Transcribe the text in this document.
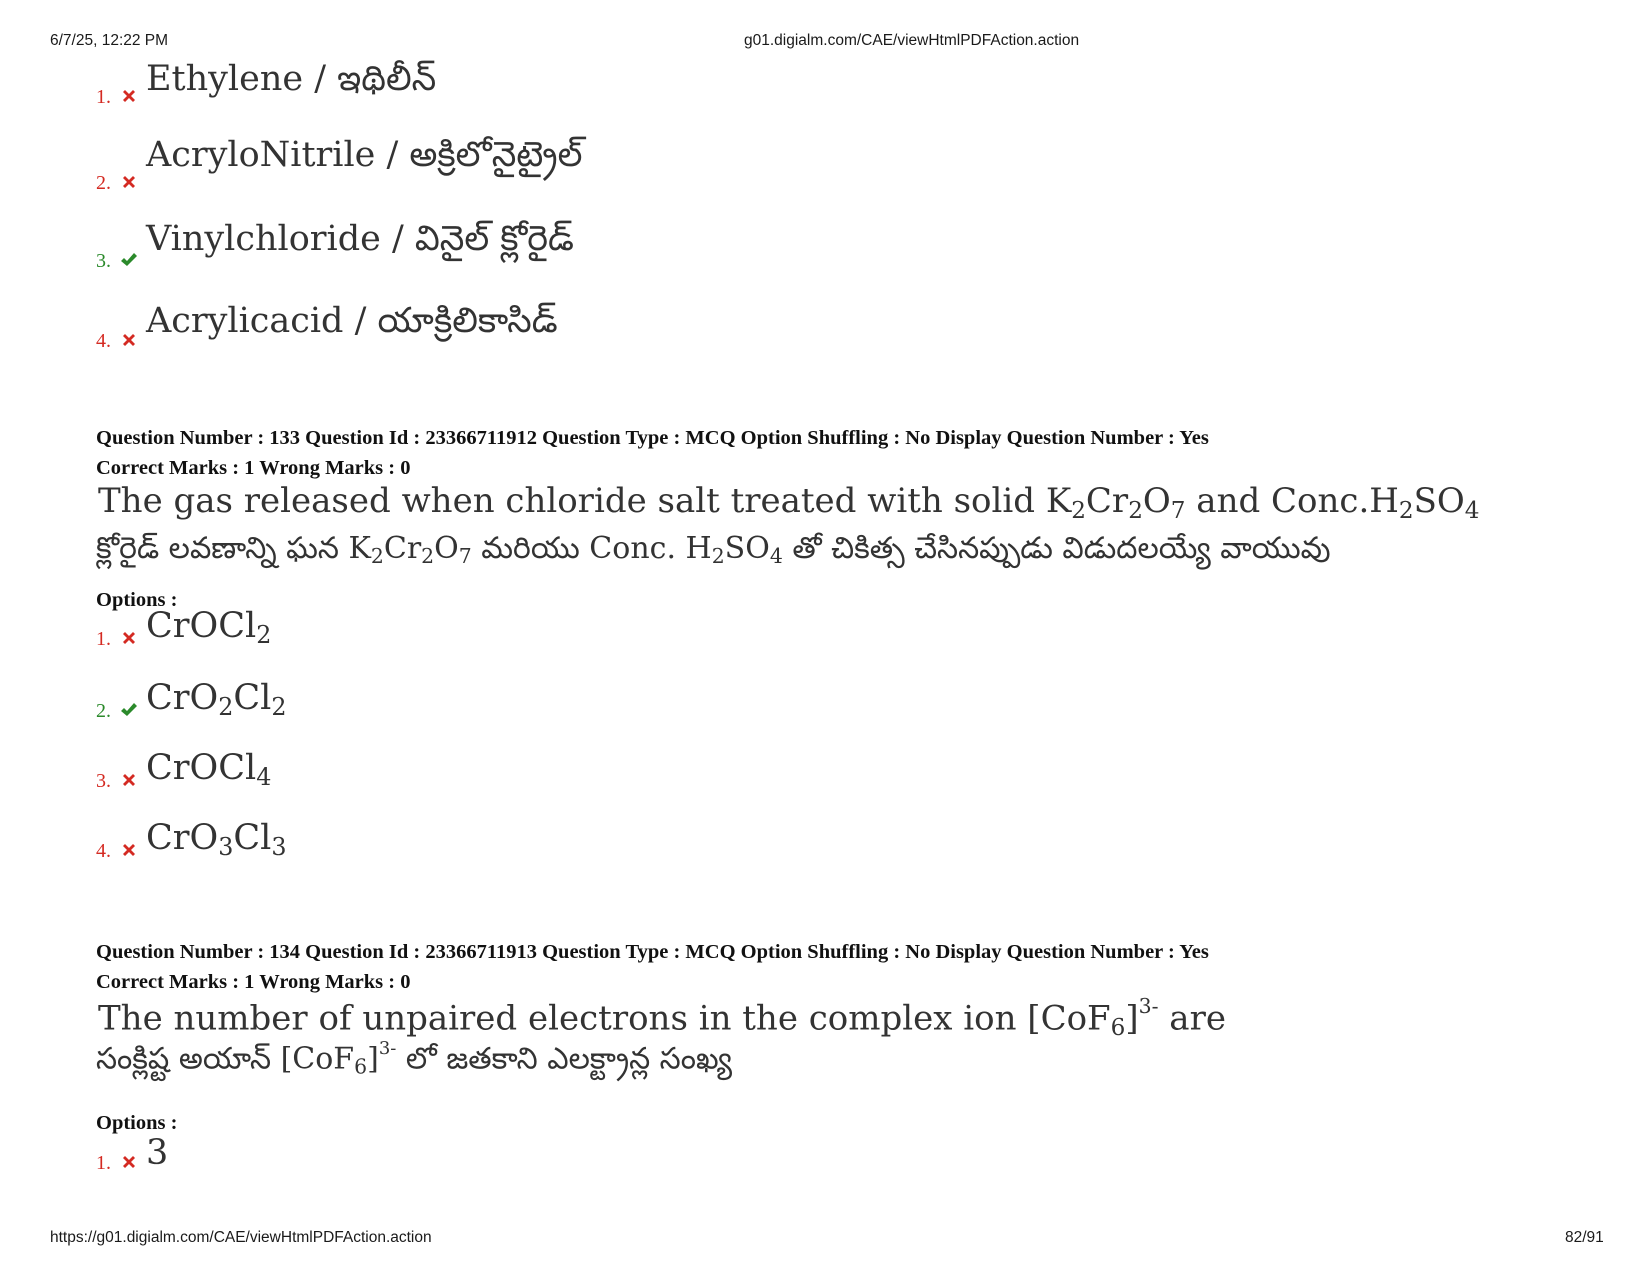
6/7/25, 12:22 PM	g01.digialm.com/CAE/viewHtmlPDFAction.action
1. Ethylene / ఇథిలీన్
2.
AcryloNitrile / అక్రిలోనైట్రైల్
3.
Vinylchloride / వినైల్ క్లోరైడ్
4. Acrylicacid / యాక్రిలికాసిడ్
Question Number : 133 Question Id : 23366711912 Question Type : MCQ Option Shuffling : No Display Question Number : Yes
Correct Marks : 1 Wrong Marks : 0
The gas released when chloride salt treated with solid $K_2Cr_2O_7$ and $Conc.H_2SO_4$
క్లోరైడ్ లవణాన్ని ఘన $K_2Cr_2O_7$ మరియు Conc. $H_2SO_4$ తో చికిత్స చేసినప్పుడు విడుదలయ్యే వాయువు
Options :
1. CrOCl$_2$
2. $CrO_2Cl_2$
3. CrOCl$_4$
4. $CrO_3Cl_3$
Question Number : 134 Question Id : 23366711913 Question Type : MCQ Option Shuffling : No Display Question Number : Yes
Correct Marks : 1 Wrong Marks : 0
The number of unpaired electrons in the complex ion $[CoF_6]^{3-}$ are
సంక్లిష్ట అయాన్ $[CoF_6]^{3-}$ లో జతకాని ఎలక్ట్రాన్ల సంఖ్య
Options :
1. 3
https://g01.digialm.com/CAE/viewHtmlPDFAction.action	82/91
